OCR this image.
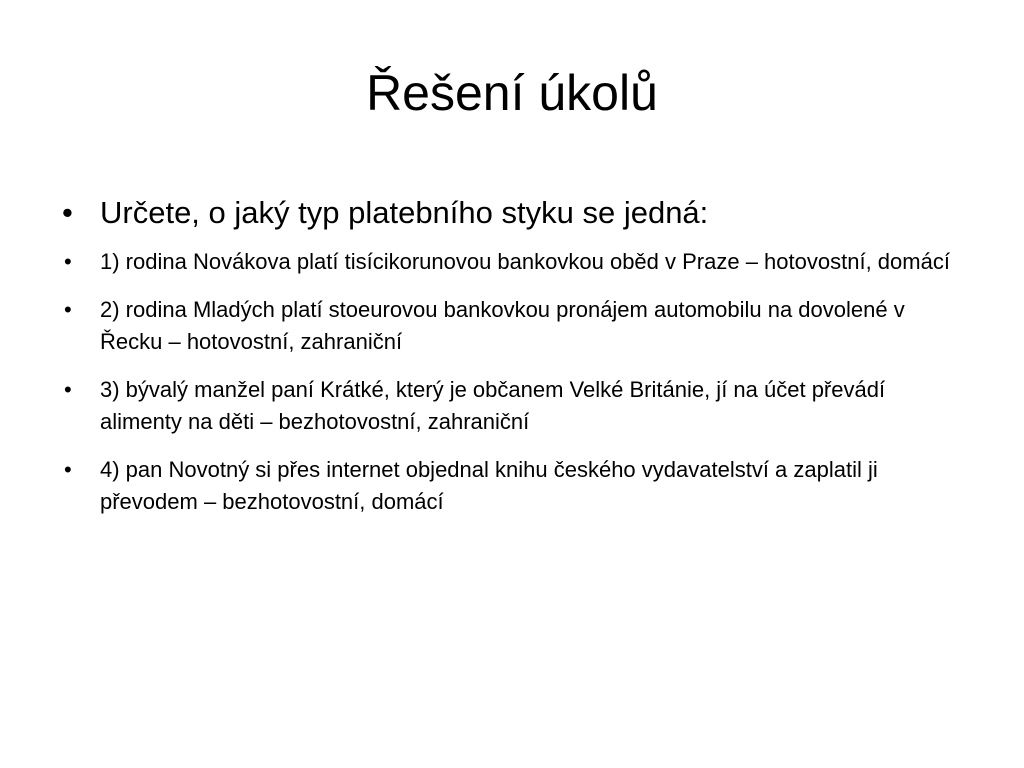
Řešení úkolů
• Určete, o jaký typ platebního styku se jedná:
• 1) rodina Novákova platí tisícikorunovou bankovkou oběd v Praze – hotovostní, domácí
• 2) rodina Mladých platí stoeurovou bankovkou pronájem automobilu na dovolené v Řecku – hotovostní, zahraniční
• 3) bývalý manžel paní Krátké, který je občanem Velké Británie, jí na účet převádí alimenty na děti – bezhotovostní, zahraniční
• 4) pan Novotný si přes internet objednal knihu českého vydavatelství a zaplatil ji převodem – bezhotovostní, domácí
